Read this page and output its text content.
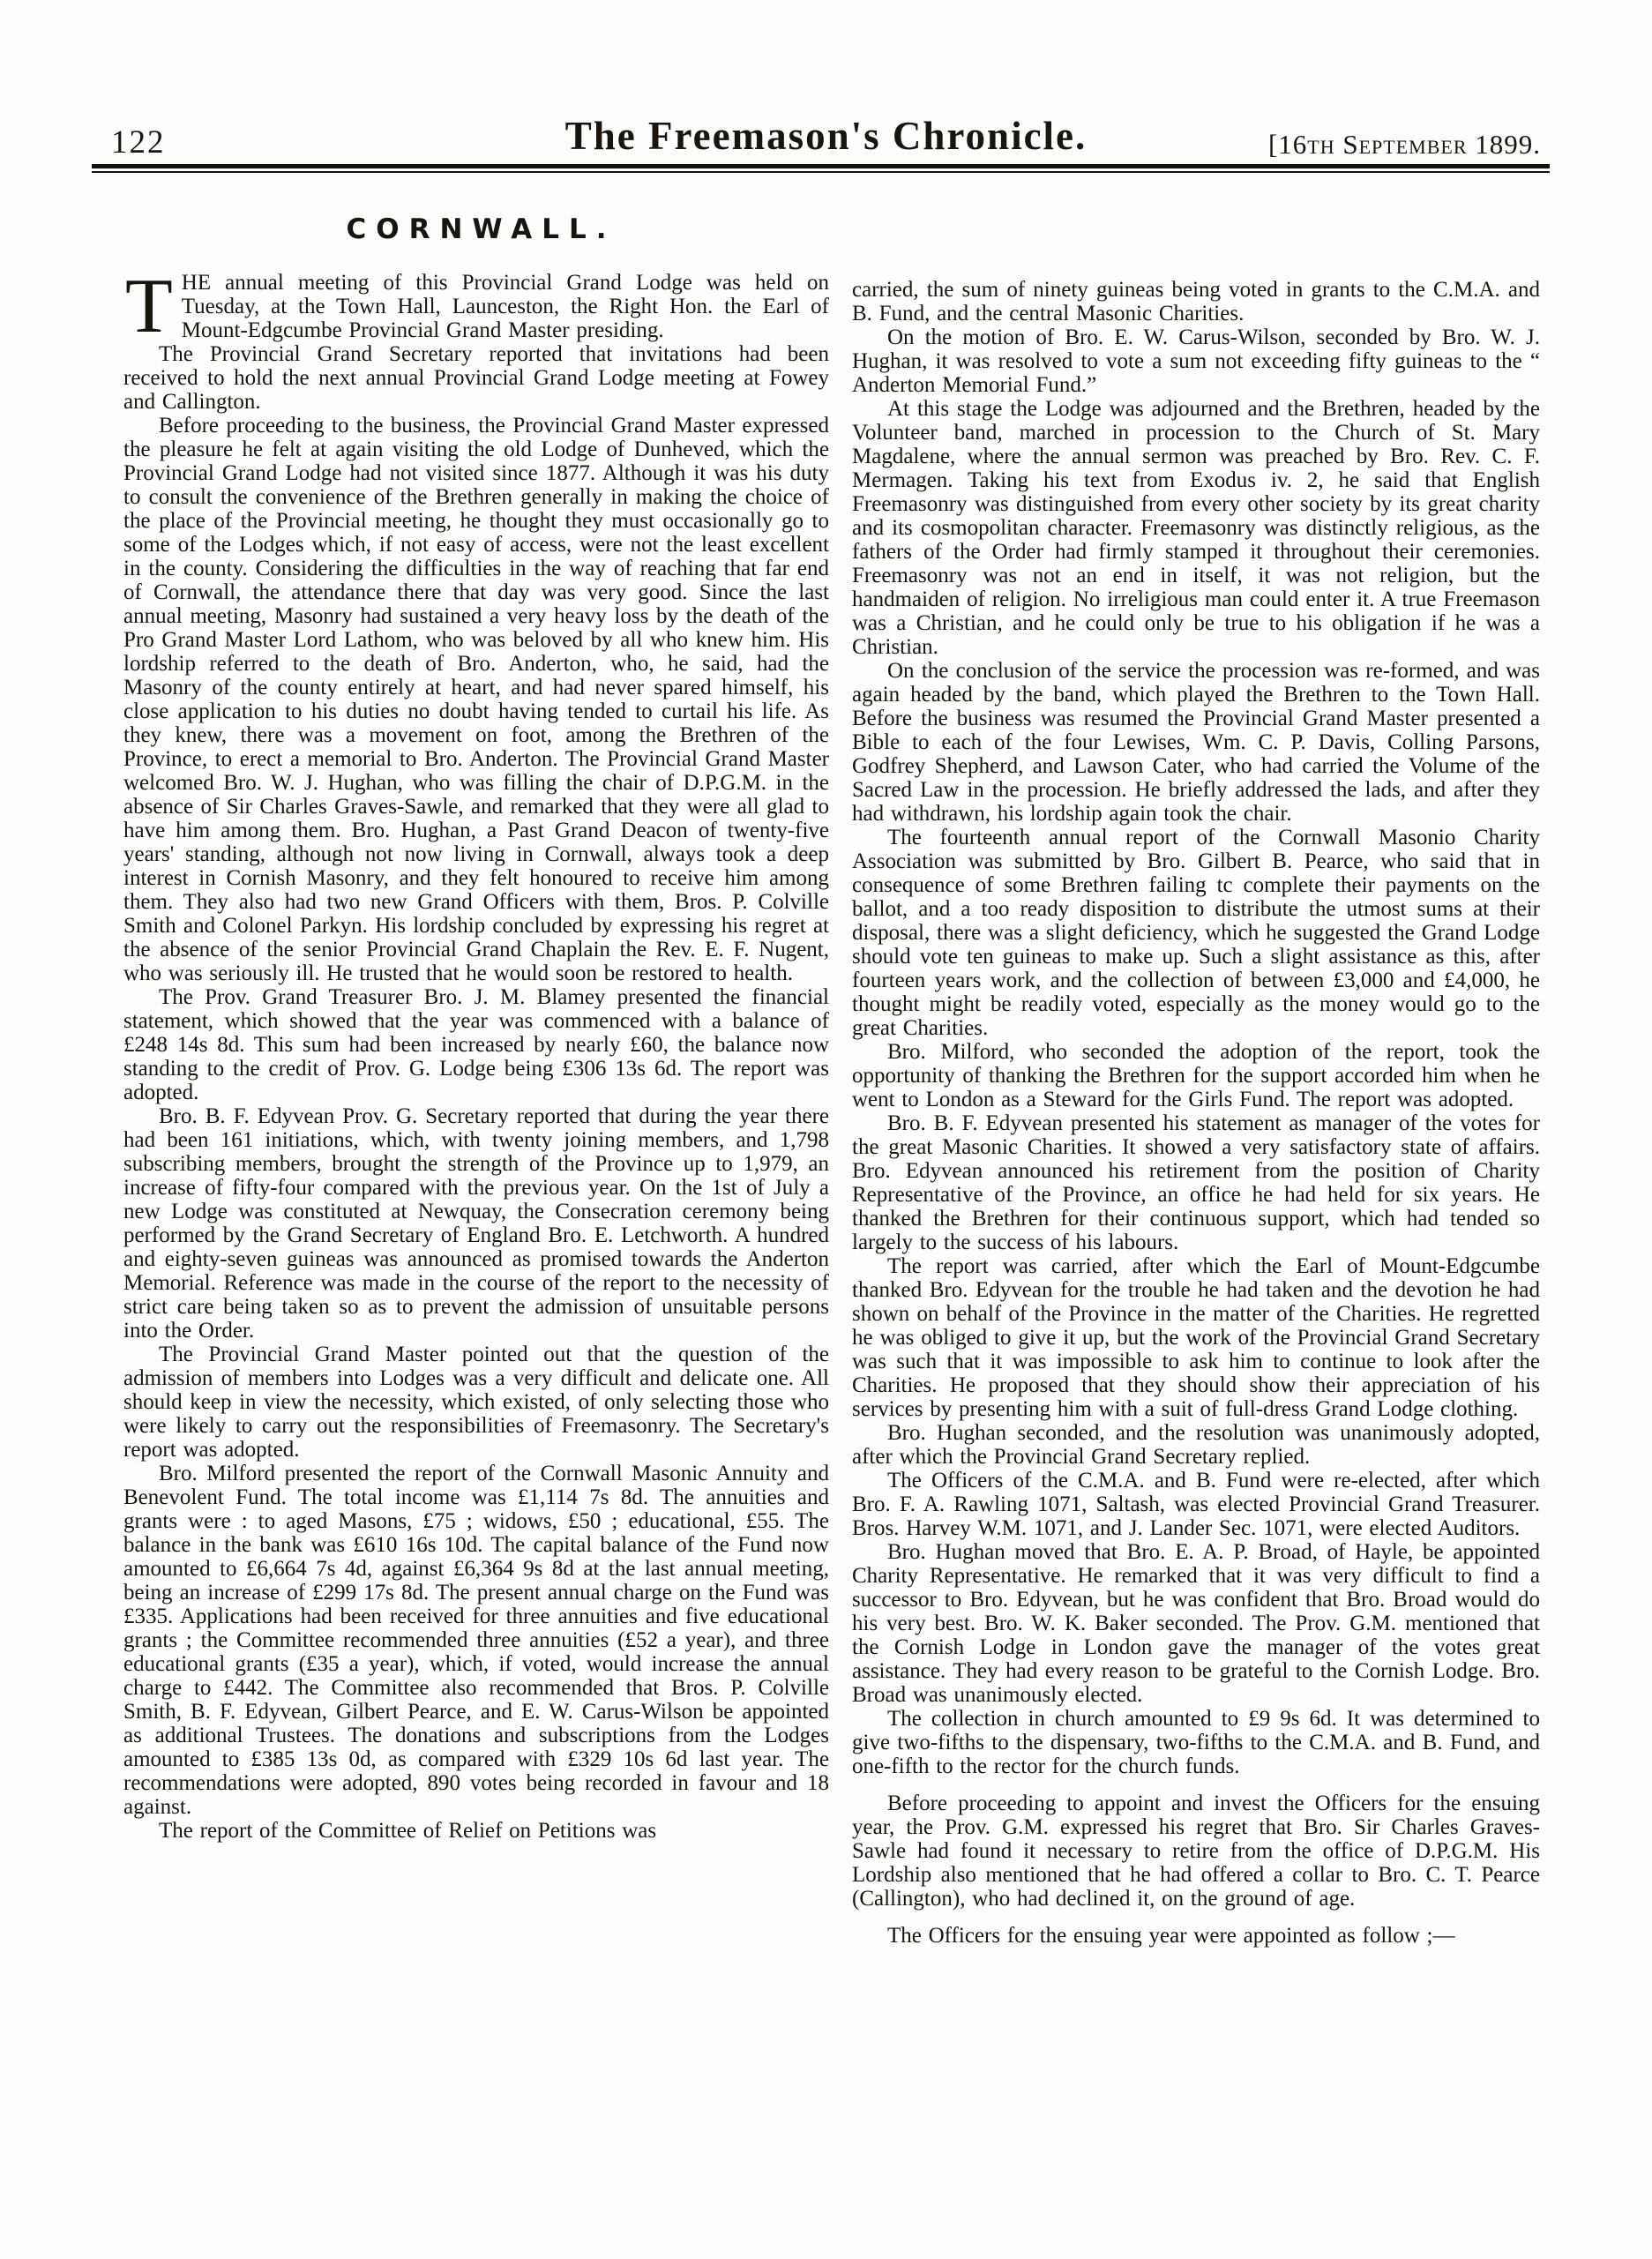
122	The Freemason's Chronicle.	[16th September 1899.
CORNWALL.

THE annual meeting of this Provincial Grand Lodge was held on Tuesday, at the Town Hall, Launceston, the Right Hon. the Earl of Mount-Edgcumbe Provincial Grand Master presiding.

The Provincial Grand Secretary reported that invitations had been received to hold the next annual Provincial Grand Lodge meeting at Fowey and Callington.

Before proceeding to the business, the Provincial Grand Master expressed the pleasure he felt at again visiting the old Lodge of Dunheved, which the Provincial Grand Lodge had not visited since 1877. Although it was his duty to consult the convenience of the Brethren generally in making the choice of the place of the Provincial meeting, he thought they must occasionally go to some of the Lodges which, if not easy of access, were not the least excellent in the county. Considering the difficulties in the way of reaching that far end of Cornwall, the attendance there that day was very good. Since the last annual meeting, Masonry had sustained a very heavy loss by the death of the Pro Grand Master Lord Lathom, who was beloved by all who knew him. His lordship referred to the death of Bro. Anderton, who, he said, had the Masonry of the county entirely at heart, and had never spared himself, his close application to his duties no doubt having tended to curtail his life. As they knew, there was a movement on foot, among the Brethren of the Province, to erect a memorial to Bro. Anderton. The Provincial Grand Master welcomed Bro. W. J. Hughan, who was filling the chair of D.P.G.M. in the absence of Sir Charles Graves-Sawle, and remarked that they were all glad to have him among them. Bro. Hughan, a Past Grand Deacon of twenty-five years' standing, although not now living in Cornwall, always took a deep interest in Cornish Masonry, and they felt honoured to receive him among them. They also had two new Grand Officers with them, Bros. P. Colville Smith and Colonel Parkyn. His lordship concluded by expressing his regret at the absence of the senior Provincial Grand Chaplain the Rev. E. F. Nugent, who was seriously ill. He trusted that he would soon be restored to health.

The Prov. Grand Treasurer Bro. J. M. Blamey presented the financial statement, which showed that the year was commenced with a balance of £248 14s 8d. This sum had been increased by nearly £60, the balance now standing to the credit of Prov. G. Lodge being £306 13s 6d. The report was adopted.

Bro. B. F. Edyvean Prov. G. Secretary reported that during the year there had been 161 initiations, which, with twenty joining members, and 1,798 subscribing members, brought the strength of the Province up to 1,979, an increase of fifty-four compared with the previous year. On the 1st of July a new Lodge was constituted at Newquay, the Consecration ceremony being performed by the Grand Secretary of England Bro. E. Letchworth. A hundred and eighty-seven guineas was announced as promised towards the Anderton Memorial. Reference was made in the course of the report to the necessity of strict care being taken so as to prevent the admission of unsuitable persons into the Order.

The Provincial Grand Master pointed out that the question of the admission of members into Lodges was a very difficult and delicate one. All should keep in view the necessity, which existed, of only selecting those who were likely to carry out the responsibilities of Freemasonry. The Secretary's report was adopted.

Bro. Milford presented the report of the Cornwall Masonic Annuity and Benevolent Fund. The total income was £1,114 7s 8d. The annuities and grants were : to aged Masons, £75 ; widows, £50 ; educational, £55. The balance in the bank was £610 16s 10d. The capital balance of the Fund now amounted to £6,664 7s 4d, against £6,364 9s 8d at the last annual meeting, being an increase of £299 17s 8d. The present annual charge on the Fund was £335. Applications had been received for three annuities and five educational grants ; the Committee recommended three annuities (£52 a year), and three educational grants (£35 a year), which, if voted, would increase the annual charge to £442. The Committee also recommended that Bros. P. Colville Smith, B. F. Edyvean, Gilbert Pearce, and E. W. Carus-Wilson be appointed as additional Trustees. The donations and subscriptions from the Lodges amounted to £385 13s 0d, as compared with £329 10s 6d last year. The recommendations were adopted, 890 votes being recorded in favour and 18 against.

The report of the Committee of Relief on Petitions was

carried, the sum of ninety guineas being voted in grants to the C.M.A. and B. Fund, and the central Masonic Charities.

On the motion of Bro. E. W. Carus-Wilson, seconded by Bro. W. J. Hughan, it was resolved to vote a sum not exceeding fifty guineas to the “ Anderton Memorial Fund.”

At this stage the Lodge was adjourned and the Brethren, headed by the Volunteer band, marched in procession to the Church of St. Mary Magdalene, where the annual sermon was preached by Bro. Rev. C. F. Mermagen. Taking his text from Exodus iv. 2, he said that English Freemasonry was distinguished from every other society by its great charity and its cosmopolitan character. Freemasonry was distinctly religious, as the fathers of the Order had firmly stamped it throughout their ceremonies. Freemasonry was not an end in itself, it was not religion, but the handmaiden of religion. No irreligious man could enter it. A true Freemason was a Christian, and he could only be true to his obligation if he was a Christian.

On the conclusion of the service the procession was re-formed, and was again headed by the band, which played the Brethren to the Town Hall. Before the business was resumed the Provincial Grand Master presented a Bible to each of the four Lewises, Wm. C. P. Davis, Colling Parsons, Godfrey Shepherd, and Lawson Cater, who had carried the Volume of the Sacred Law in the procession. He briefly addressed the lads, and after they had withdrawn, his lordship again took the chair.

The fourteenth annual report of the Cornwall Masonio Charity Association was submitted by Bro. Gilbert B. Pearce, who said that in consequence of some Brethren failing tc complete their payments on the ballot, and a too ready disposition to distribute the utmost sums at their disposal, there was a slight deficiency, which he suggested the Grand Lodge should vote ten guineas to make up. Such a slight assistance as this, after fourteen years work, and the collection of between £3,000 and £4,000, he thought might be readily voted, especially as the money would go to the great Charities.

Bro. Milford, who seconded the adoption of the report, took the opportunity of thanking the Brethren for the support accorded him when he went to London as a Steward for the Girls Fund. The report was adopted.

Bro. B. F. Edyvean presented his statement as manager of the votes for the great Masonic Charities. It showed a very satisfactory state of affairs. Bro. Edyvean announced his retirement from the position of Charity Representative of the Province, an office he had held for six years. He thanked the Brethren for their continuous support, which had tended so largely to the success of his labours.

The report was carried, after which the Earl of Mount-Edgcumbe thanked Bro. Edyvean for the trouble he had taken and the devotion he had shown on behalf of the Province in the matter of the Charities. He regretted he was obliged to give it up, but the work of the Provincial Grand Secretary was such that it was impossible to ask him to continue to look after the Charities. He proposed that they should show their appreciation of his services by presenting him with a suit of full-dress Grand Lodge clothing.

Bro. Hughan seconded, and the resolution was unanimously adopted, after which the Provincial Grand Secretary replied.

The Officers of the C.M.A. and B. Fund were re-elected, after which Bro. F. A. Rawling 1071, Saltash, was elected Provincial Grand Treasurer. Bros. Harvey W.M. 1071, and J. Lander Sec. 1071, were elected Auditors.

Bro. Hughan moved that Bro. E. A. P. Broad, of Hayle, be appointed Charity Representative. He remarked that it was very difficult to find a successor to Bro. Edyvean, but he was confident that Bro. Broad would do his very best. Bro. W. K. Baker seconded. The Prov. G.M. mentioned that the Cornish Lodge in London gave the manager of the votes great assistance. They had every reason to be grateful to the Cornish Lodge. Bro. Broad was unanimously elected.

The collection in church amounted to £9 9s 6d. It was determined to give two-fifths to the dispensary, two-fifths to the C.M.A. and B. Fund, and one-fifth to the rector for the church funds.

Before proceeding to appoint and invest the Officers for the ensuing year, the Prov. G.M. expressed his regret that Bro. Sir Charles Graves-Sawle had found it necessary to retire from the office of D.P.G.M. His Lordship also mentioned that he had offered a collar to Bro. C. T. Pearce (Callington), who had declined it, on the ground of age.

The Officers for the ensuing year were appointed as follow ;—
